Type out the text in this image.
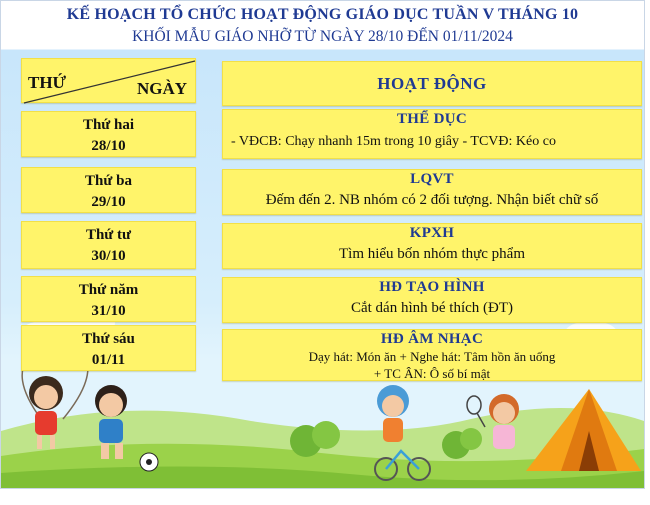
KẾ HOẠCH TỔ CHỨC HOẠT ĐỘNG GIÁO DỤC TUẦN V THÁNG 10
KHỐI MẪU GIÁO NHỠ TỪ NGÀY 28/10 ĐẾN 01/11/2024
THỨ	NGÀY	HOẠT ĐỘNG
Thứ hai
28/10
Thứ ba
29/10
Thứ tư
30/10
Thứ năm
31/10
Thứ sáu
01/11
THỂ DỤC
- VĐCB: Chạy nhanh 15m trong 10 giây - TCVĐ: Kéo co
LQVT
Đếm đến 2. NB nhóm có 2 đối tượng. Nhận biết chữ số
KPXH
Tìm hiểu bốn nhóm thực phẩm
HĐ TẠO HÌNH
Cắt dán hình bé thích (ĐT)
HĐ ÂM NHẠC
Dạy hát: Món ăn + Nghe hát: Tâm hồn ăn uống
+ TC ÂN: Ô số bí mật
